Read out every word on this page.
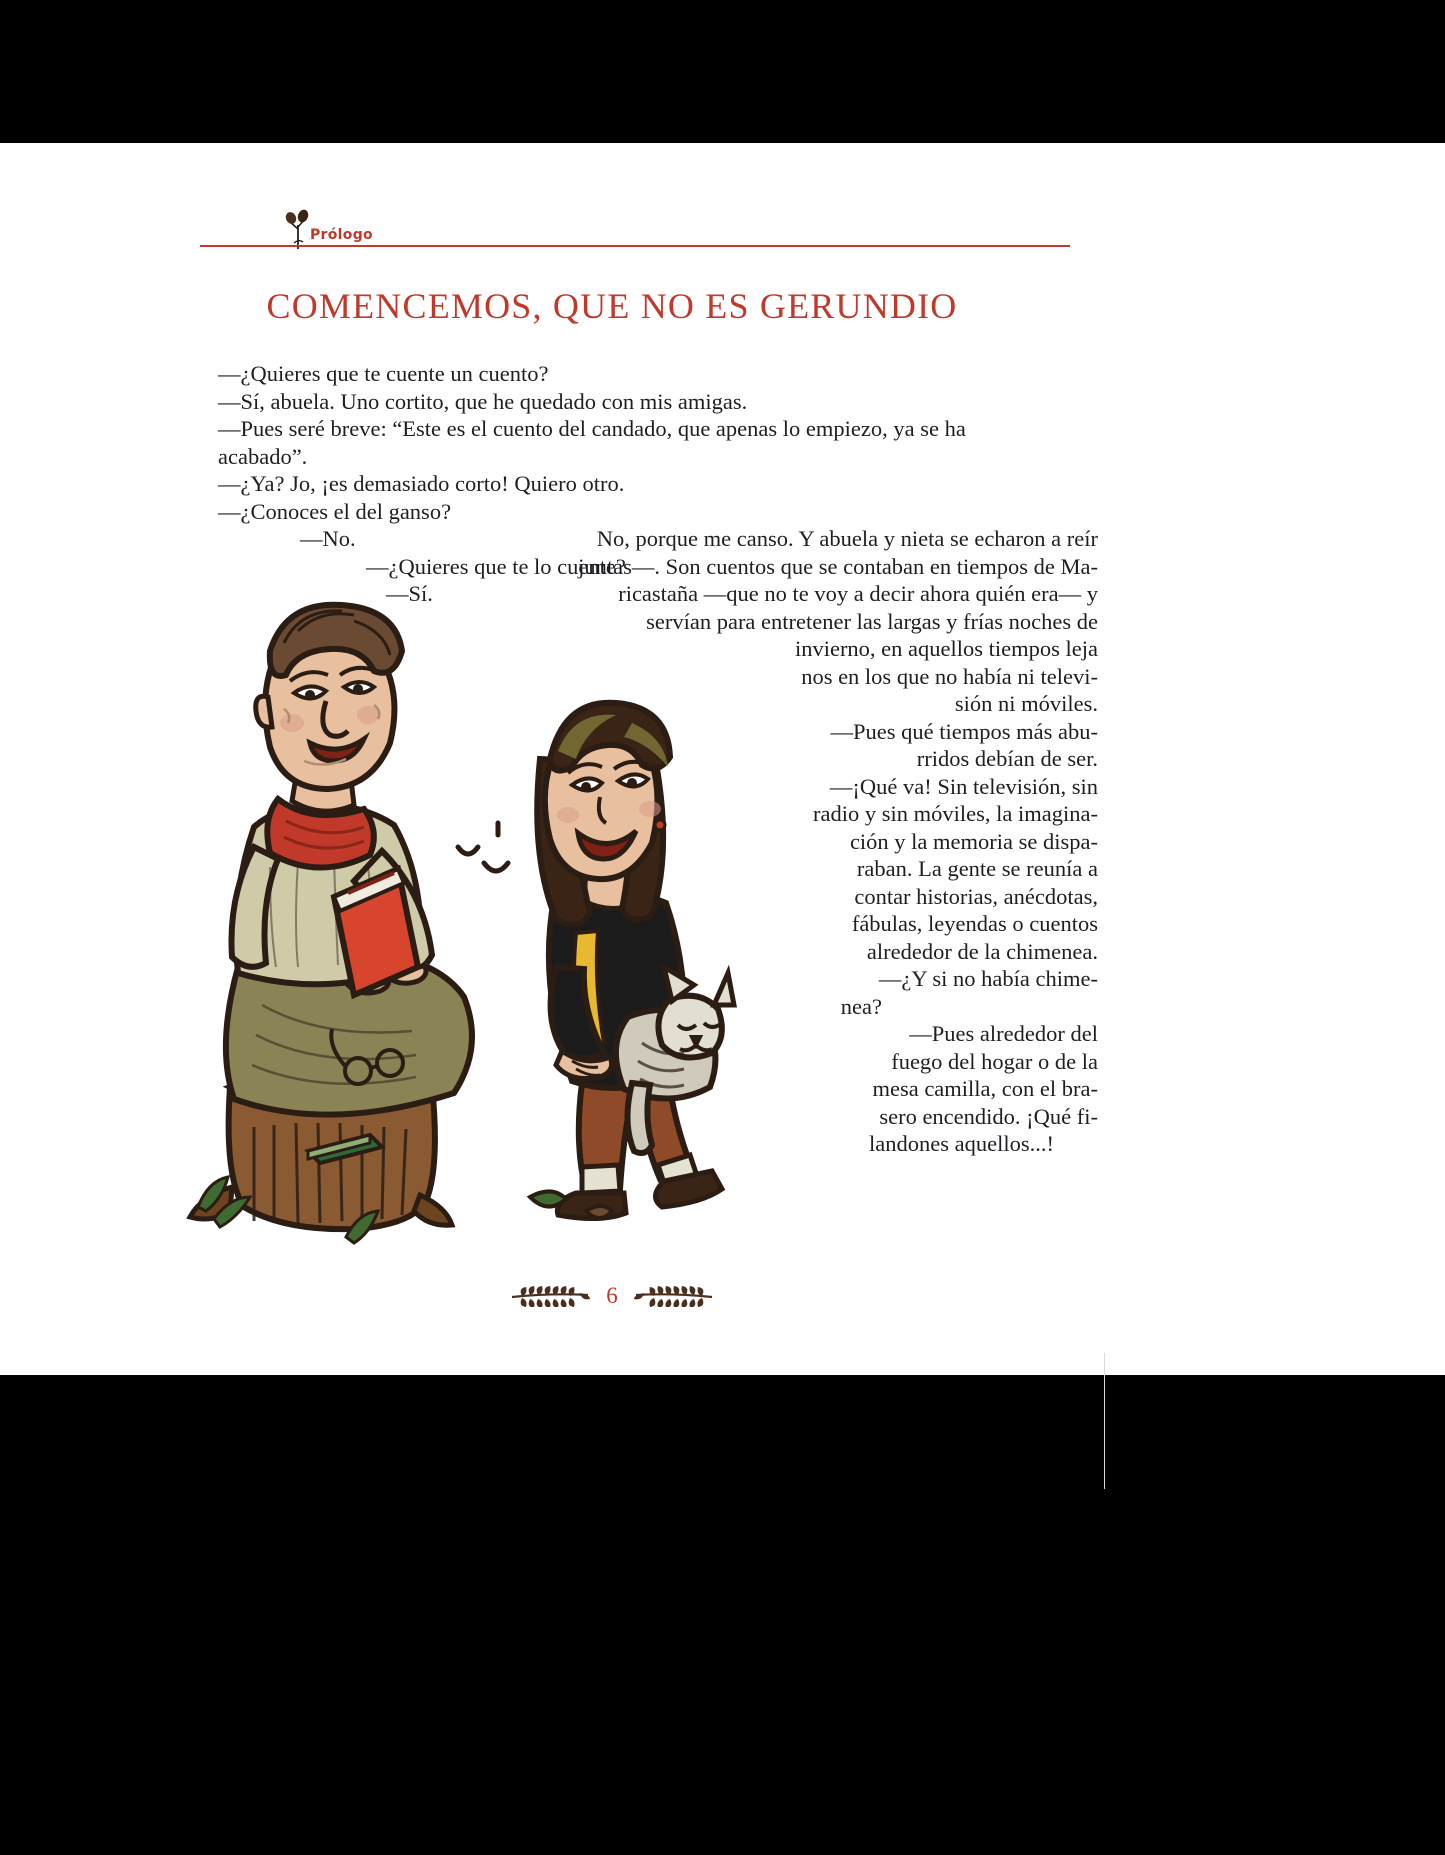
Prólogo
COMENCEMOS, QUE NO ES GERUNDIO
—¿Quieres que te cuente un cuento?
—Sí, abuela. Uno cortito, que he quedado con mis amigas.
—Pues seré breve: “Este es el cuento del candado, que apenas lo empiezo, ya se ha
acabado”.
—¿Ya? Jo, ¡es demasiado corto! Quiero otro.
—¿Conoces el del ganso?
—No.
—¿Quieres que te lo cuente?
—Sí.
No, porque me canso. Y abuela y nieta se echaron a reír
juntas—. Son cuentos que se contaban en tiempos de Ma-
ricastaña —que no te voy a decir ahora quién era— y
servían para entretener las largas y frías noches de
invierno, en aquellos tiempos leja
nos en los que no había ni televi-
sión ni móviles.
—Pues qué tiempos más abu-
rridos debían de ser.
—¡Qué va! Sin televisión, sin
radio y sin móviles, la imagina-
ción y la memoria se dispa-
raban. La gente se reunía a
contar historias, anécdotas,
fábulas, leyendas o cuentos
alrededor de la chimenea.
—¿Y si no había chime-
nea?
—Pues alrededor del
fuego del hogar o de la
mesa camilla, con el bra-
sero encendido. ¡Qué fi-
landones aquellos...!
6
